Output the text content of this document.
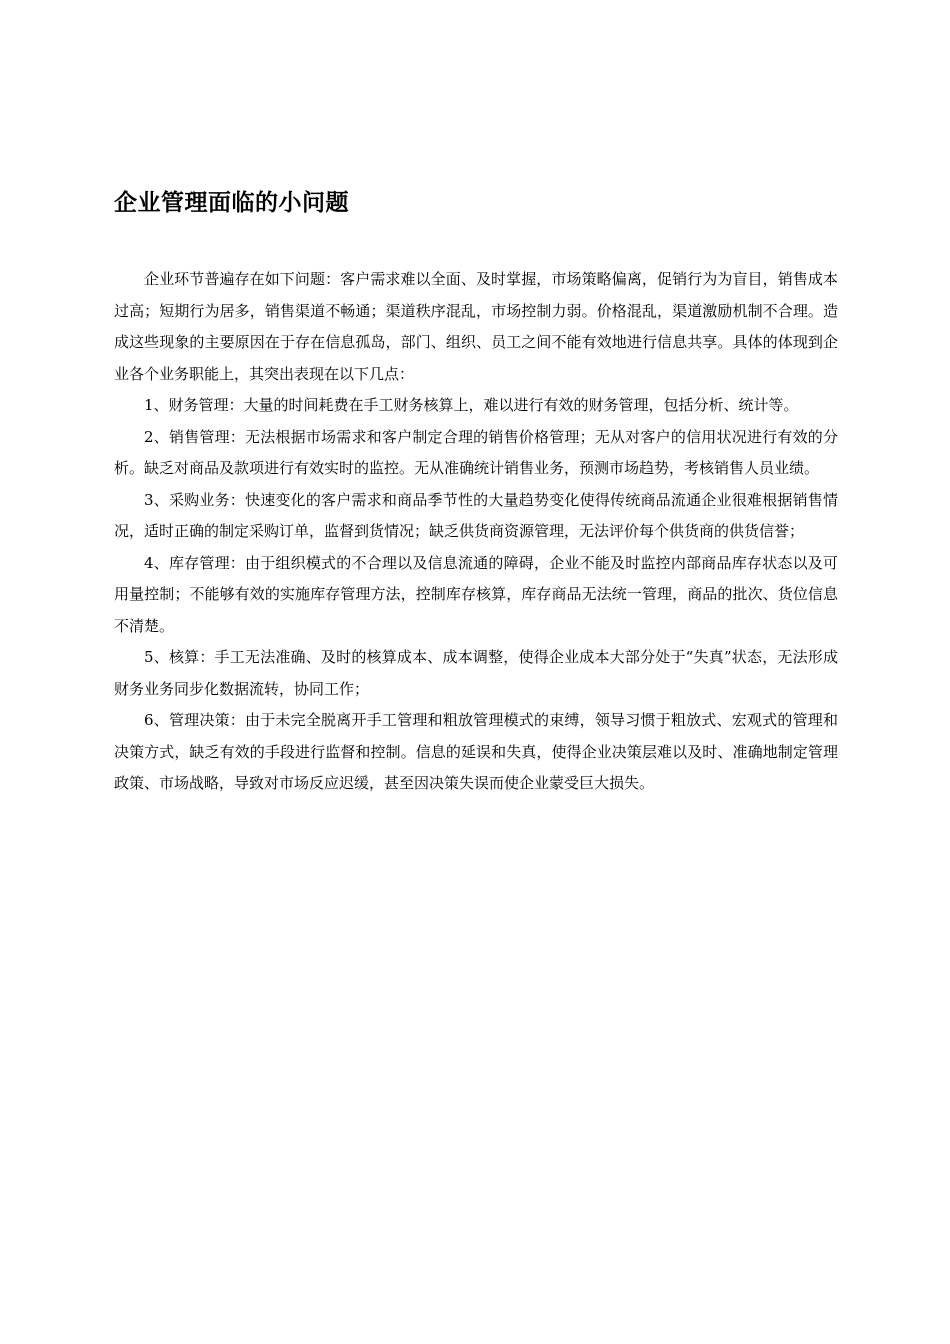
企业管理面临的小问题

企业环节普遍存在如下问题：客户需求难以全面、及时掌握，市场策略偏离，促销行为为盲目，销售成本过高；短期行为居多，销售渠道不畅通；渠道秩序混乱，市场控制力弱。价格混乱，渠道激励机制不合理。造成这些现象的主要原因在于存在信息孤岛，部门、组织、员工之间不能有效地进行信息共享。具体的体现到企业各个业务职能上，其突出表现在以下几点：

1、财务管理：大量的时间耗费在手工财务核算上，难以进行有效的财务管理，包括分析、统计等。

2、销售管理：无法根据市场需求和客户制定合理的销售价格管理；无从对客户的信用状况进行有效的分析。缺乏对商品及款项进行有效实时的监控。无从准确统计销售业务，预测市场趋势，考核销售人员业绩。

3、采购业务：快速变化的客户需求和商品季节性的大量趋势变化使得传统商品流通企业很难根据销售情况，适时正确的制定采购订单，监督到货情况；缺乏供货商资源管理，无法评价每个供货商的供货信誉；

4、库存管理：由于组织模式的不合理以及信息流通的障碍，企业不能及时监控内部商品库存状态以及可用量控制；不能够有效的实施库存管理方法，控制库存核算，库存商品无法统一管理，商品的批次、货位信息不清楚。

5、核算：手工无法准确、及时的核算成本、成本调整，使得企业成本大部分处于“失真”状态，无法形成财务业务同步化数据流转，协同工作；

6、管理决策：由于未完全脱离开手工管理和粗放管理模式的束缚，领导习惯于粗放式、宏观式的管理和决策方式，缺乏有效的手段进行监督和控制。信息的延误和失真，使得企业决策层难以及时、准确地制定管理政策、市场战略，导致对市场反应迟缓，甚至因决策失误而使企业蒙受巨大损失。
